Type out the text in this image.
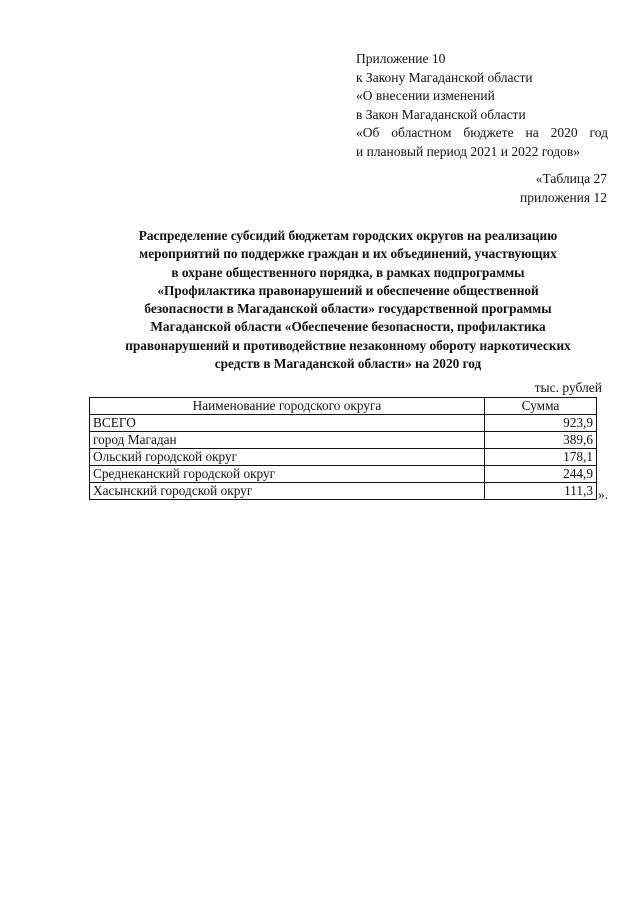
Приложение 10
к Закону Магаданской области
«О внесении изменений
в Закон Магаданской области
«Об областном бюджете на 2020 год
и плановый период 2021 и 2022 годов»
«Таблица 27
приложения 12
Распределение субсидий бюджетам городских округов на реализацию
мероприятий по поддержке граждан и их объединений, участвующих
в охране общественного порядка, в рамках подпрограммы
«Профилактика правонарушений и обеспечение общественной
безопасности в Магаданской области» государственной программы
Магаданской области «Обеспечение безопасности, профилактика
правонарушений и противодействие незаконному обороту наркотических
средств в Магаданской области» на 2020 год
тыс. рублей
Наименование городского округа	Сумма
ВСЕГО	923,9
город Магадан	389,6
Ольский городской округ	178,1
Среднеканский городской округ	244,9
Хасынский городской округ	111,3 ».
